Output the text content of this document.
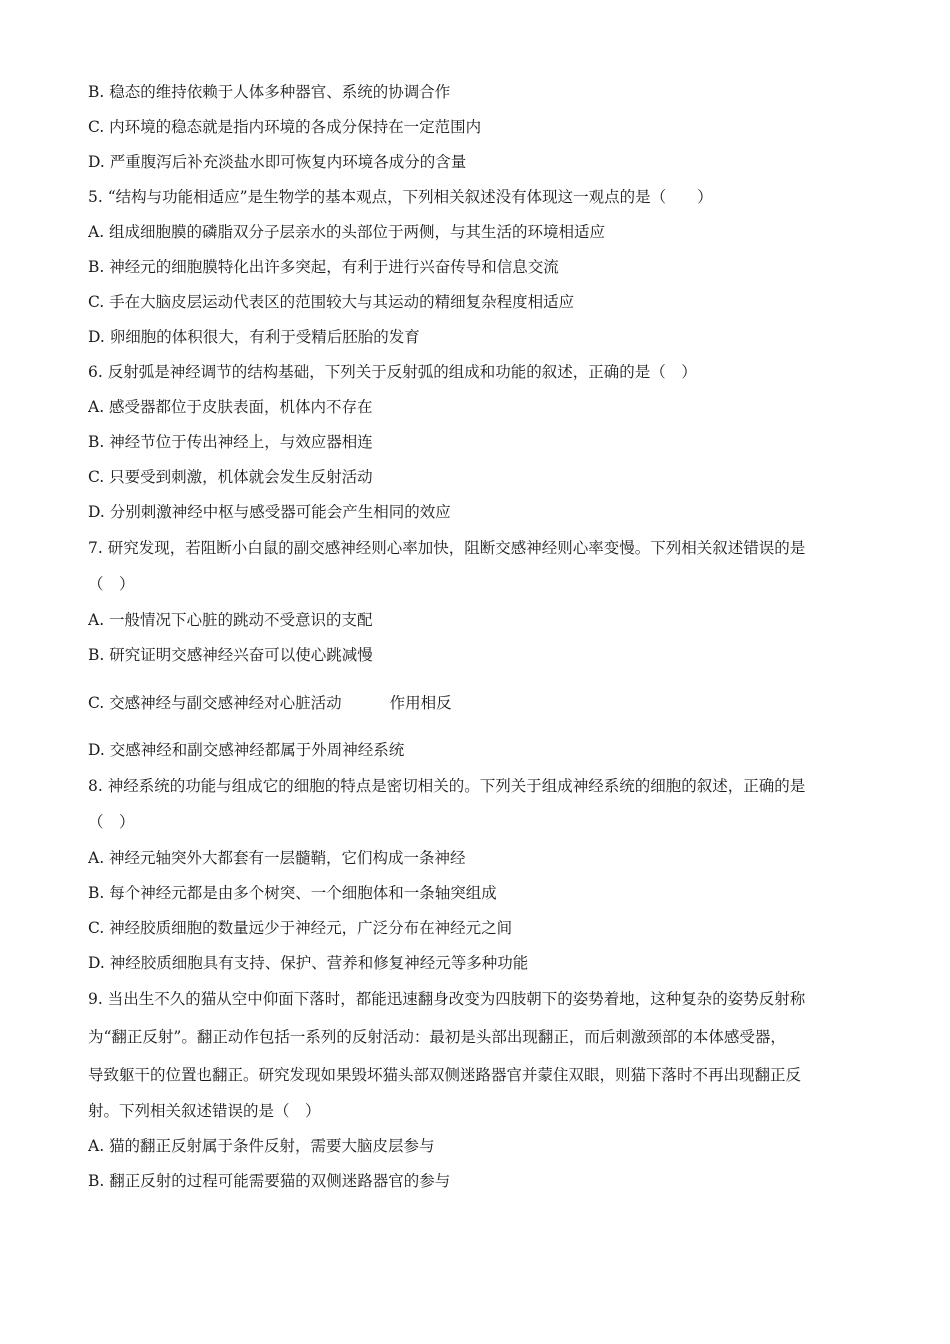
B. 稳态的维持依赖于人体多种器官、系统的协调合作
C. 内环境的稳态就是指内环境的各成分保持在一定范围内
D. 严重腹泻后补充淡盐水即可恢复内环境各成分的含量
5. “结构与功能相适应”是生物学的基本观点，下列相关叙述没有体现这一观点的是（　　）
A. 组成细胞膜的磷脂双分子层亲水的头部位于两侧，与其生活的环境相适应
B. 神经元的细胞膜特化出许多突起，有利于进行兴奋传导和信息交流
C. 手在大脑皮层运动代表区的范围较大与其运动的精细复杂程度相适应
D. 卵细胞的体积很大，有利于受精后胚胎的发育
6. 反射弧是神经调节的结构基础，下列关于反射弧的组成和功能的叙述，正确的是（　）
A. 感受器都位于皮肤表面，机体内不存在
B. 神经节位于传出神经上，与效应器相连
C. 只要受到刺激，机体就会发生反射活动
D. 分别刺激神经中枢与感受器可能会产生相同的效应
7. 研究发现，若阻断小白鼠的副交感神经则心率加快，阻断交感神经则心率变慢。下列相关叙述错误的是
（　）
A. 一般情况下心脏的跳动不受意识的支配
B. 研究证明交感神经兴奋可以使心跳减慢
C. 交感神经与副交感神经对心脏活动	作用相反
D. 交感神经和副交感神经都属于外周神经系统
8. 神经系统的功能与组成它的细胞的特点是密切相关的。下列关于组成神经系统的细胞的叙述，正确的是
（　）
A. 神经元轴突外大都套有一层髓鞘，它们构成一条神经
B. 每个神经元都是由多个树突、一个细胞体和一条轴突组成
C. 神经胶质细胞的数量远少于神经元，广泛分布在神经元之间
D. 神经胶质细胞具有支持、保护、营养和修复神经元等多种功能
9. 当出生不久的猫从空中仰面下落时，都能迅速翻身改变为四肢朝下的姿势着地，这种复杂的姿势反射称
为“翻正反射”。翻正动作包括一系列的反射活动：最初是头部出现翻正，而后刺激颈部的本体感受器，
导致躯干的位置也翻正。研究发现如果毁坏猫头部双侧迷路器官并蒙住双眼，则猫下落时不再出现翻正反
射。下列相关叙述错误的是（　）
A. 猫的翻正反射属于条件反射，需要大脑皮层参与
B. 翻正反射的过程可能需要猫的双侧迷路器官的参与
